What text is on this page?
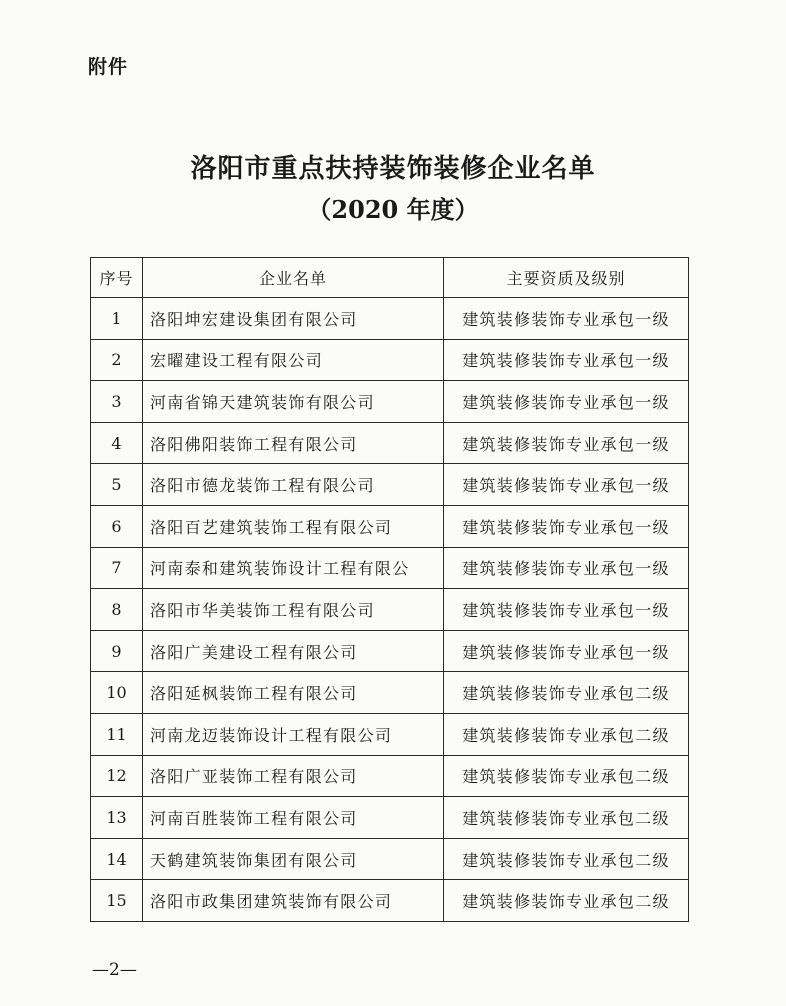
附件
洛阳市重点扶持装饰装修企业名单
（2020 年度）
序号	企业名单	主要资质及级别
1	洛阳坤宏建设集团有限公司	建筑装修装饰专业承包一级
2	宏曜建设工程有限公司	建筑装修装饰专业承包一级
3	河南省锦天建筑装饰有限公司	建筑装修装饰专业承包一级
4	洛阳佛阳装饰工程有限公司	建筑装修装饰专业承包一级
5	洛阳市德龙装饰工程有限公司	建筑装修装饰专业承包一级
6	洛阳百艺建筑装饰工程有限公司	建筑装修装饰专业承包一级
7	河南泰和建筑装饰设计工程有限公	建筑装修装饰专业承包一级
8	洛阳市华美装饰工程有限公司	建筑装修装饰专业承包一级
9	洛阳广美建设工程有限公司	建筑装修装饰专业承包一级
10	洛阳延枫装饰工程有限公司	建筑装修装饰专业承包二级
11	河南龙迈装饰设计工程有限公司	建筑装修装饰专业承包二级
12	洛阳广亚装饰工程有限公司	建筑装修装饰专业承包二级
13	河南百胜装饰工程有限公司	建筑装修装饰专业承包二级
14	天鹤建筑装饰集团有限公司	建筑装修装饰专业承包二级
15	洛阳市政集团建筑装饰有限公司	建筑装修装饰专业承包二级
—2—
